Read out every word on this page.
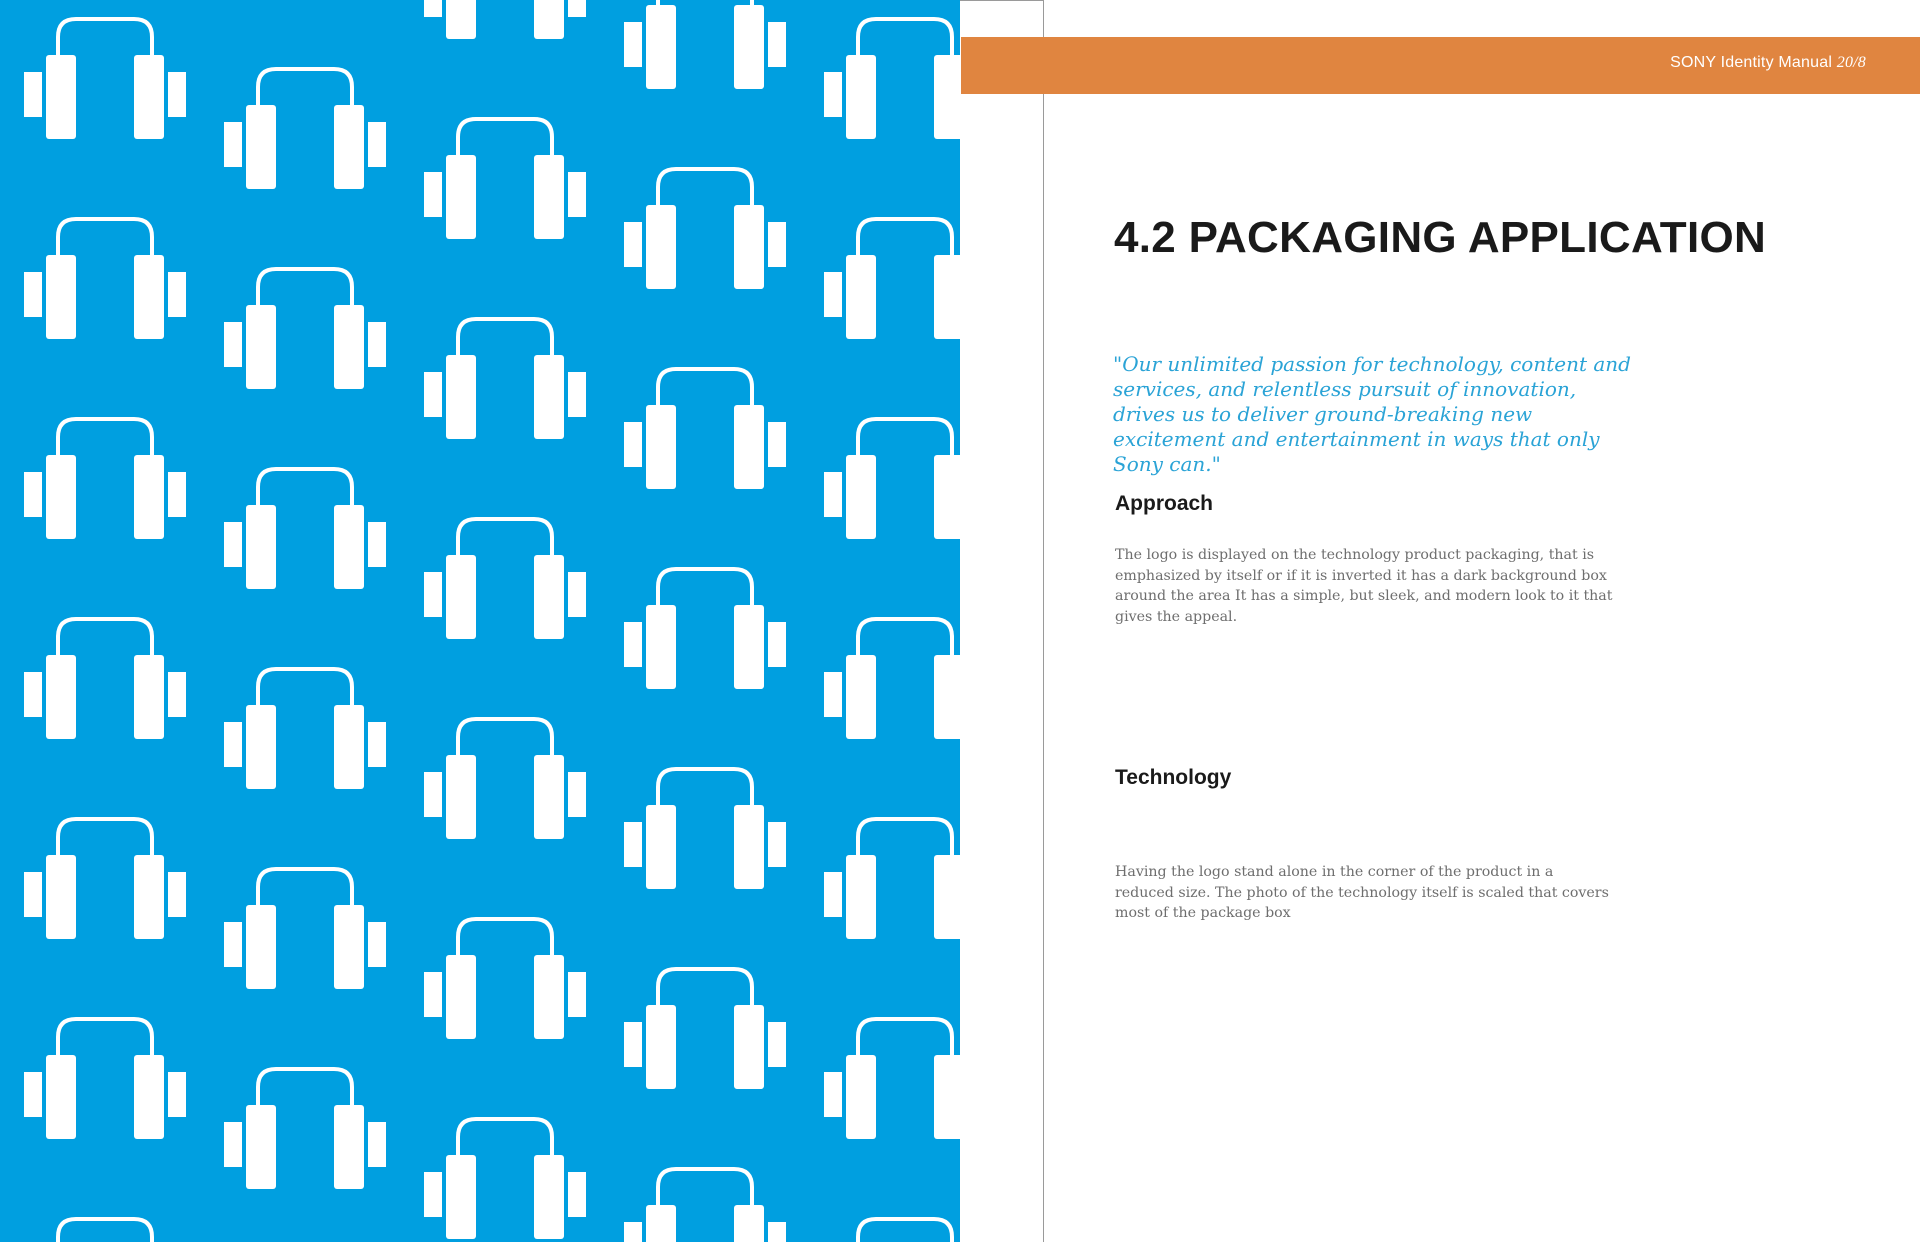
SONY Identity Manual 20/8
4.2 PACKAGING APPLICATION

"Our unlimited passion for technology, content and services, and relentless pursuit of innovation, drives us to deliver ground-breaking new excitement and entertainment in ways that only Sony can."

Approach

The logo is displayed on the technology product packaging, that is emphasized by itself or if it is inverted it has a dark background box around the area It has a simple, but sleek, and modern look to it that gives the appeal.

Technology

Having the logo stand alone in the corner of the product in a reduced size. The photo of the technology itself is scaled that covers most of the package box
